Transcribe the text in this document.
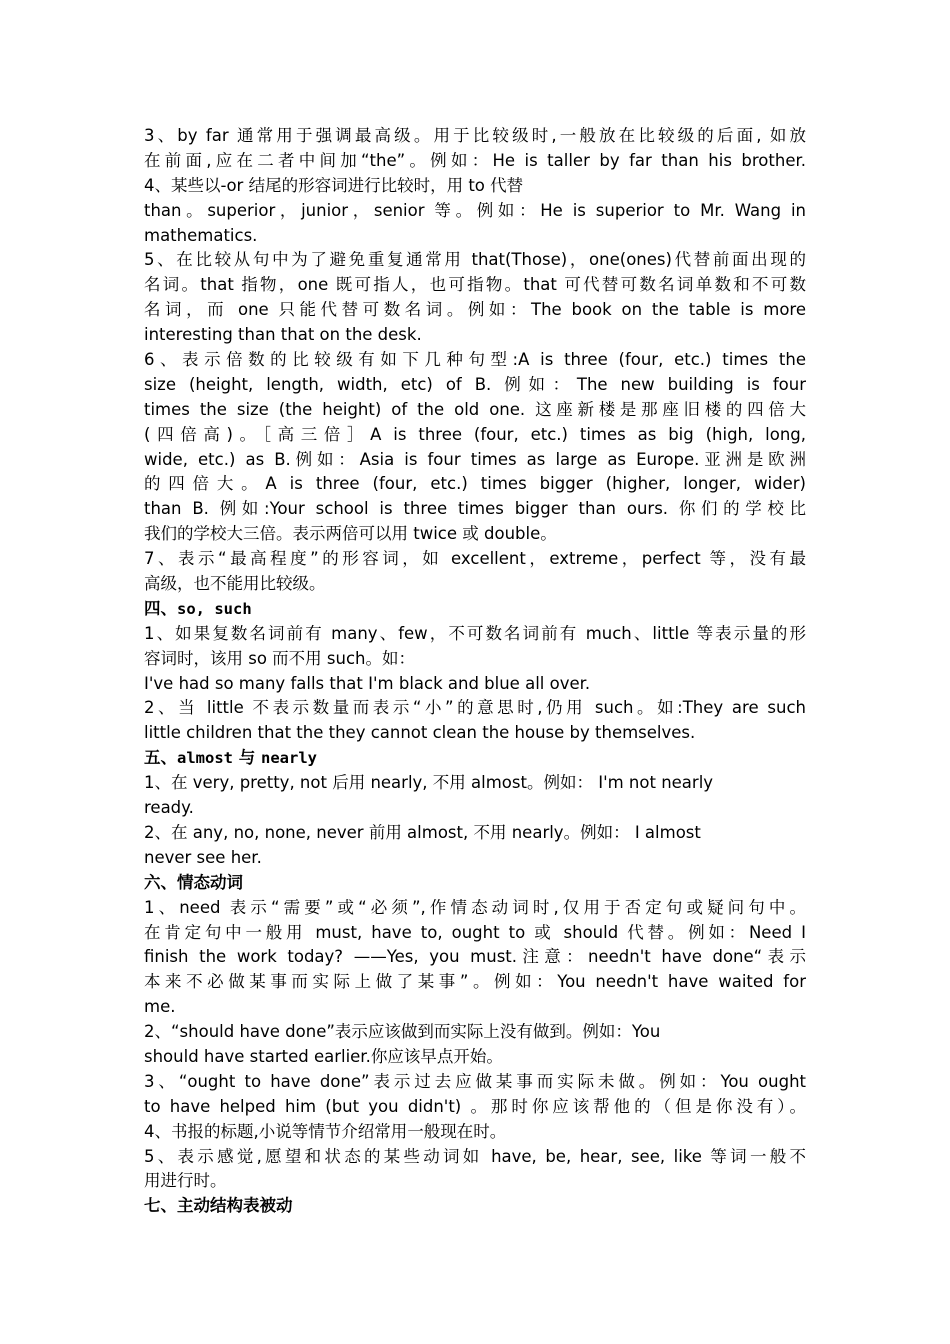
3、by far 通常用于强调最高级。用于比较级时,一般放在比较级的后面, 如放
在前面,应在二者中间加“the”。例如：He is taller by far than his brother.
4、某些以-or 结尾的形容词进行比较时，用 to 代替
than。superior，junior，senior 等。例如：He is superior to Mr. Wang in
mathematics.
5、在比较从句中为了避免重复通常用 that(Those)，one(ones)代替前面出现的
名词。that 指物，one 既可指人，也可指物。that 可代替可数名词单数和不可数
名词，而 one 只能代替可数名词。例如：The book on the table is more
interesting than that on the desk.
6、表示倍数的比较级有如下几种句型:A is three (four, etc.) times the
size (height, length, width, etc) of B. 例如：The new building is four
times the size (the height) of the old one. 这座新楼是那座旧楼的四倍大
(四倍高)。［高三倍］A is three (four, etc.) times as big (high, long,
wide, etc.) as B.例如：Asia is four times as large as Europe.亚洲是欧洲
的四倍大。A is three (four, etc.) times bigger (higher, longer, wider)
than B. 例如:Your school is three times bigger than ours. 你们的学校比
我们的学校大三倍。表示两倍可以用 twice 或 double。
7、表示“最高程度”的形容词，如 excellent，extreme，perfect 等，没有最
高级，也不能用比较级。
四、so, such
1、如果复数名词前有 many、few，不可数名词前有 much、little 等表示量的形
容词时，该用 so 而不用 such。如：
I've had so many falls that I'm black and blue all over.
2、当 little 不表示数量而表示“小”的意思时,仍用 such。如:They are such
little children that the they cannot clean the house by themselves.
五、almost 与 nearly
1、在 very, pretty, not 后用 nearly, 不用 almost。例如： I'm not nearly
ready.
2、在 any, no, none, never 前用 almost, 不用 nearly。例如： I almost
never see her.
六、情态动词
1、need 表示“需要”或“必须”,作情态动词时,仅用于否定句或疑问句中。
在肯定句中一般用 must, have to, ought to 或 should 代替。例如：Need I
finish the work today? ——Yes, you must.注意：needn't have done“表示
本来不必做某事而实际上做了某事”。例如：You needn't have waited for
me.
2、“should have done”表示应该做到而实际上没有做到。例如：You
should have started earlier.你应该早点开始。
3、“ought to have done”表示过去应做某事而实际未做。例如：You ought
to have helped him (but you didn't) 。那时你应该帮他的（但是你没有）。
4、书报的标题,小说等情节介绍常用一般现在时。
5、表示感觉,愿望和状态的某些动词如 have, be, hear, see, like 等词一般不
用进行时。
七、主动结构表被动
